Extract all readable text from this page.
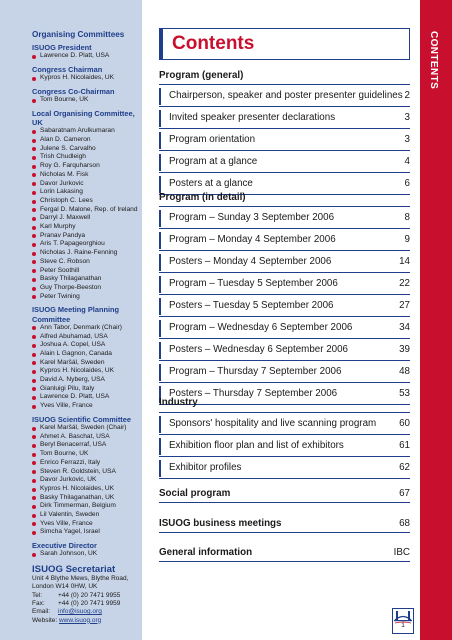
Organising Committees
ISUOG President
Lawrence D. Platt, USA
Congress Chairman
Kypros H. Nicolaides, UK
Congress Co-Chairman
Tom Bourne, UK
Local Organising Committee, UK
Sabaratnam Arulkumaran
Alan D. Cameron
Julene S. Carvalho
Trish Chudleigh
Roy G. Farquharson
Nicholas M. Fisk
Davor Jurkovic
Lorin Lakasing
Christoph C. Lees
Fergal D. Malone, Rep. of Ireland
Darryl J. Maxwell
Karl Murphy
Pranav Pandya
Aris T. Papageorghiou
Nicholas J. Raine-Fenning
Steve C. Robson
Peter Soothill
Basky Thilaganathan
Guy Thorpe-Beeston
Peter Twining
ISUOG Meeting Planning Committee
Ann Tabor, Denmark (Chair)
Alfred Abuhamad, USA
Joshua A. Copel, USA
Alain L Gagnon, Canada
Karel Maršál, Sweden
Kypros H. Nicolaides, UK
David A. Nyberg, USA
Gianluigi Pilu, Italy
Lawrence D. Platt, USA
Yves Ville, France
ISUOG Scientific Committee
Karel Maršál, Sweden (Chair)
Ahmet A. Baschat, USA
Beryl Benacerraf, USA
Tom Bourne, UK
Enrico Ferrazzi, Italy
Steven R. Goldstein, USA
Davor Jurkovic, UK
Kypros H. Nicolaides, UK
Basky Thilaganathan, UK
Dirk Timmerman, Belgium
Lil Valentin, Sweden
Yves Ville, France
Simcha Yagel, Israel
Executive Director
Sarah Johnson, UK
ISUOG Secretariat
Unit 4 Blythe Mews, Blythe Road,
London W14 0HW, UK
Tel: +44 (0) 20 7471 9955
Fax: +44 (0) 20 7471 9959
Email: info@isuog.org
Website: www.isuog.org
Contents
Program (general)
Chairperson, speaker and poster presenter guidelines 2
Invited speaker presenter declarations	3
Program orientation	3
Program at a glance	4
Posters at a glance	6
Program (in detail)
Program – Sunday 3 September 2006	8
Program – Monday 4 September 2006	9
Posters – Monday 4 September 2006	14
Program – Tuesday 5 September 2006	22
Posters – Tuesday 5 September 2006	27
Program – Wednesday 6 September 2006	34
Posters – Wednesday 6 September 2006	39
Program – Thursday 7 September 2006	48
Posters – Thursday 7 September 2006	53
Industry
Sponsors' hospitality and live scanning program 60
Exhibition floor plan and list of exhibitors	61
Exhibitor profiles	62
Social program	67
ISUOG business meetings	68
General information	IBC
CONTENTS
1
